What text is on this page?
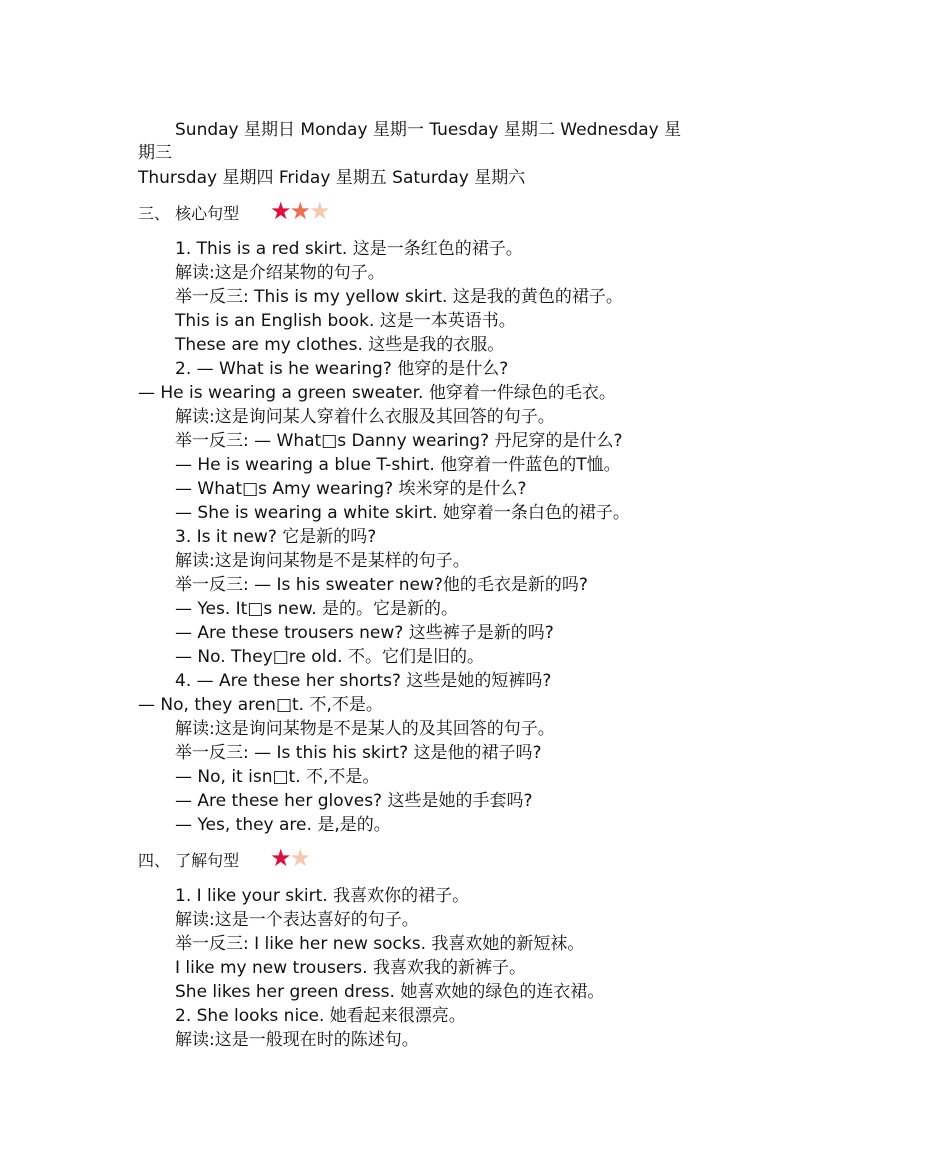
Sunday 星期日 Monday 星期一 Tuesday 星期二 Wednesday 星
期三
Thursday 星期四 Friday 星期五 Saturday 星期六
三、 核心句型 ★★★
1. This is a red skirt. 这是一条红色的裙子。
解读:这是介绍某物的句子。
举一反三: This is my yellow skirt. 这是我的黄色的裙子。
This is an English book. 这是一本英语书。
These are my clothes. 这些是我的衣服。
2. — What is he wearing? 他穿的是什么?
— He is wearing a green sweater. 他穿着一件绿色的毛衣。
解读:这是询问某人穿着什么衣服及其回答的句子。
举一反三: — What□s Danny wearing? 丹尼穿的是什么?
— He is wearing a blue T-shirt. 他穿着一件蓝色的T恤。
— What□s Amy wearing? 埃米穿的是什么?
— She is wearing a white skirt. 她穿着一条白色的裙子。
3. Is it new? 它是新的吗?
解读:这是询问某物是不是某样的句子。
举一反三: — Is his sweater new?他的毛衣是新的吗?
— Yes. It□s new. 是的。它是新的。
— Are these trousers new? 这些裤子是新的吗?
— No. They□re old. 不。它们是旧的。
4. — Are these her shorts? 这些是她的短裤吗?
— No, they aren□t. 不,不是。
解读:这是询问某物是不是某人的及其回答的句子。
举一反三: — Is this his skirt? 这是他的裙子吗?
— No, it isn□t. 不,不是。
— Are these her gloves? 这些是她的手套吗?
— Yes, they are. 是,是的。
四、 了解句型 ★★
1. I like your skirt. 我喜欢你的裙子。
解读:这是一个表达喜好的句子。
举一反三: I like her new socks. 我喜欢她的新短袜。
I like my new trousers. 我喜欢我的新裤子。
She likes her green dress. 她喜欢她的绿色的连衣裙。
2. She looks nice. 她看起来很漂亮。
解读:这是一般现在时的陈述句。
